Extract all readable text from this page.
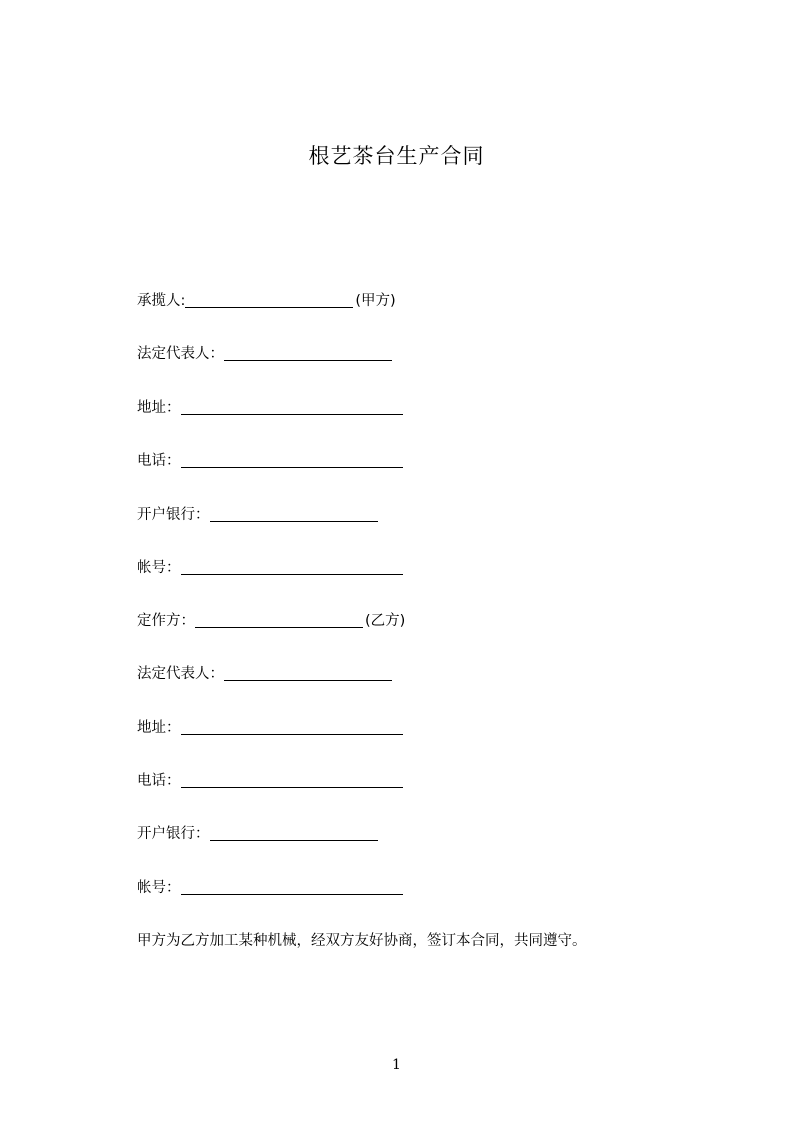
根艺茶台生产合同
承揽人:	(甲方)
法定代表人：
地址：
电话：
开户银行：
帐号：
定作方：	(乙方)
法定代表人：
地址：
电话：
开户银行：
帐号：
甲方为乙方加工某种机械，经双方友好协商，签订本合同，共同遵守。
1
